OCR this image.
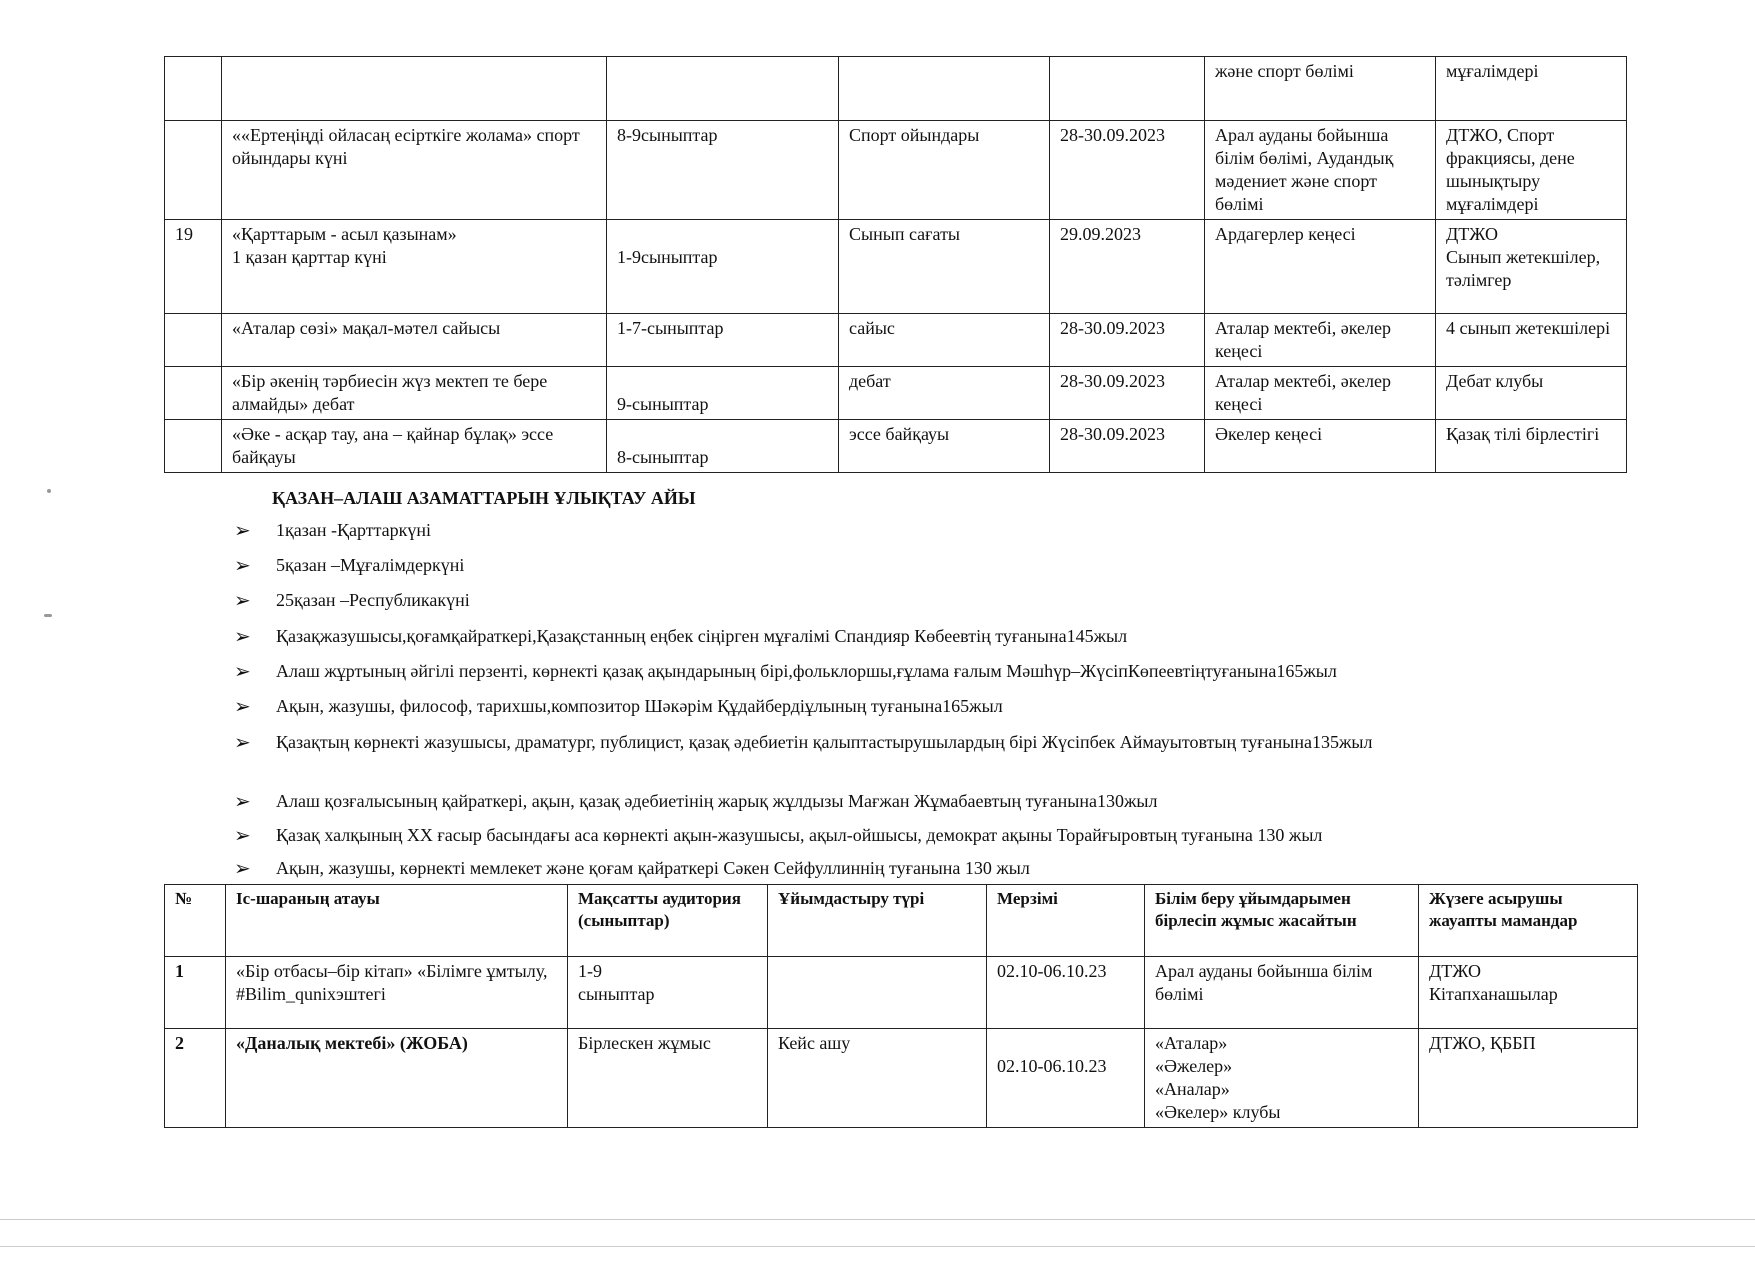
					және спорт бөлімі	мұғалімдері
	««Ертеңіңді ойласаң есірткіге жоламa» спорт ойындары күні	8-9сыныптар	Спорт ойындары	28-30.09.2023	Арал ауданы бойынша білім бөлімі, Аудандық мәдениет және спорт бөлімі	ДТЖО, Спорт фракциясы, дене шынықтыру мұғалімдері
19	«Қарттарым - асыл қазынам»
1 қазан қарттар күні	1-9сыныптар	Сынып сағаты	29.09.2023	Ардагерлер кеңесі	ДТЖО
Сынып жетекшілер, тәлімгер
	«Аталар сөзі» мақал-мәтел сайысы	1-7-сыныптар	сайыс	28-30.09.2023	Аталар мектебі, әкелер кеңесі	4 сынып жетекшілері
	«Бір әкенің тәрбиесін жүз мектеп те бере алмайды» дебат	9-сыныптар	дебат	28-30.09.2023	Аталар мектебі, әкелер кеңесі	Дебат клубы
	«Әке - асқар тау, ана – қайнар бұлақ» эссе байқауы	8-сыныптар	эссе байқауы	28-30.09.2023	Әкелер кеңесі	Қазақ тілі бірлестігі
ҚАЗАН–АЛАШ АЗАМАТТАРЫН ҰЛЫҚТАУ АЙЫ
➢ 1қазан -Қарттаркүні
➢ 5қазан –Мұғалімдеркүні
➢ 25қазан –Республикакүні
➢ Қазақжазушысы,қоғамқайраткері,Қазақстанның еңбек сіңірген мұғалімі Спандияр Көбеевтің туғанына145жыл
➢ Алаш жұртының әйгілі перзенті, көрнекті қазақ ақындарының бірі,фольклоршы,ғұлама ғалым Мәшһүр–ЖүсіпКөпеевтіңтуғанына165жыл
➢ Ақын, жазушы, философ, тарихшы,композитор Шәкәрім Құдайбердіұлының туғанына165жыл
➢ Қазақтың көрнекті жазушысы, драматург, публицист, қазақ әдебиетін қалыптастырушылардың бірі Жүсіпбек Аймауытовтың туғанына135жыл
➢ Алаш қозғалысының қайраткері, ақын, қазақ әдебиетінің жарық жұлдызы Мағжан Жұмабаевтың туғанына130жыл
➢ Қазақ халқының ХХ ғасыр басындағы аса көрнекті ақын-жазушысы, ақыл-ойшысы, демократ ақыны Торайғыровтың туғанына 130 жыл
➢ Ақын, жазушы, көрнекті мемлекет және қоғам қайраткері Сәкен Сейфуллиннің туғанына 130 жыл
№	Іс-шараның атауы	Мақсатты аудитория (сыныптар)	Ұйымдастыру түрі	Мерзімі	Білім беру ұйымдарымен бірлесіп жұмыс жасайтын	Жүзеге асырушы жауапты мамандар
1	«Бір отбасы–бір кітап» «Білімге ұмтылу,
#Bilim_qunixэштегі	1-9
сыныптар		02.10-06.10.23	Арал ауданы бойынша білім бөлімі	ДТЖО
Кітапханашылар
2	«Даналық мектебі» (ЖОБА)	Бірлескен жұмыс	Кейс ашу	02.10-06.10.23	«Аталар»
«Әжелер»
«Аналар»
«Әкелер» клубы	ДТЖО, ҚББП
